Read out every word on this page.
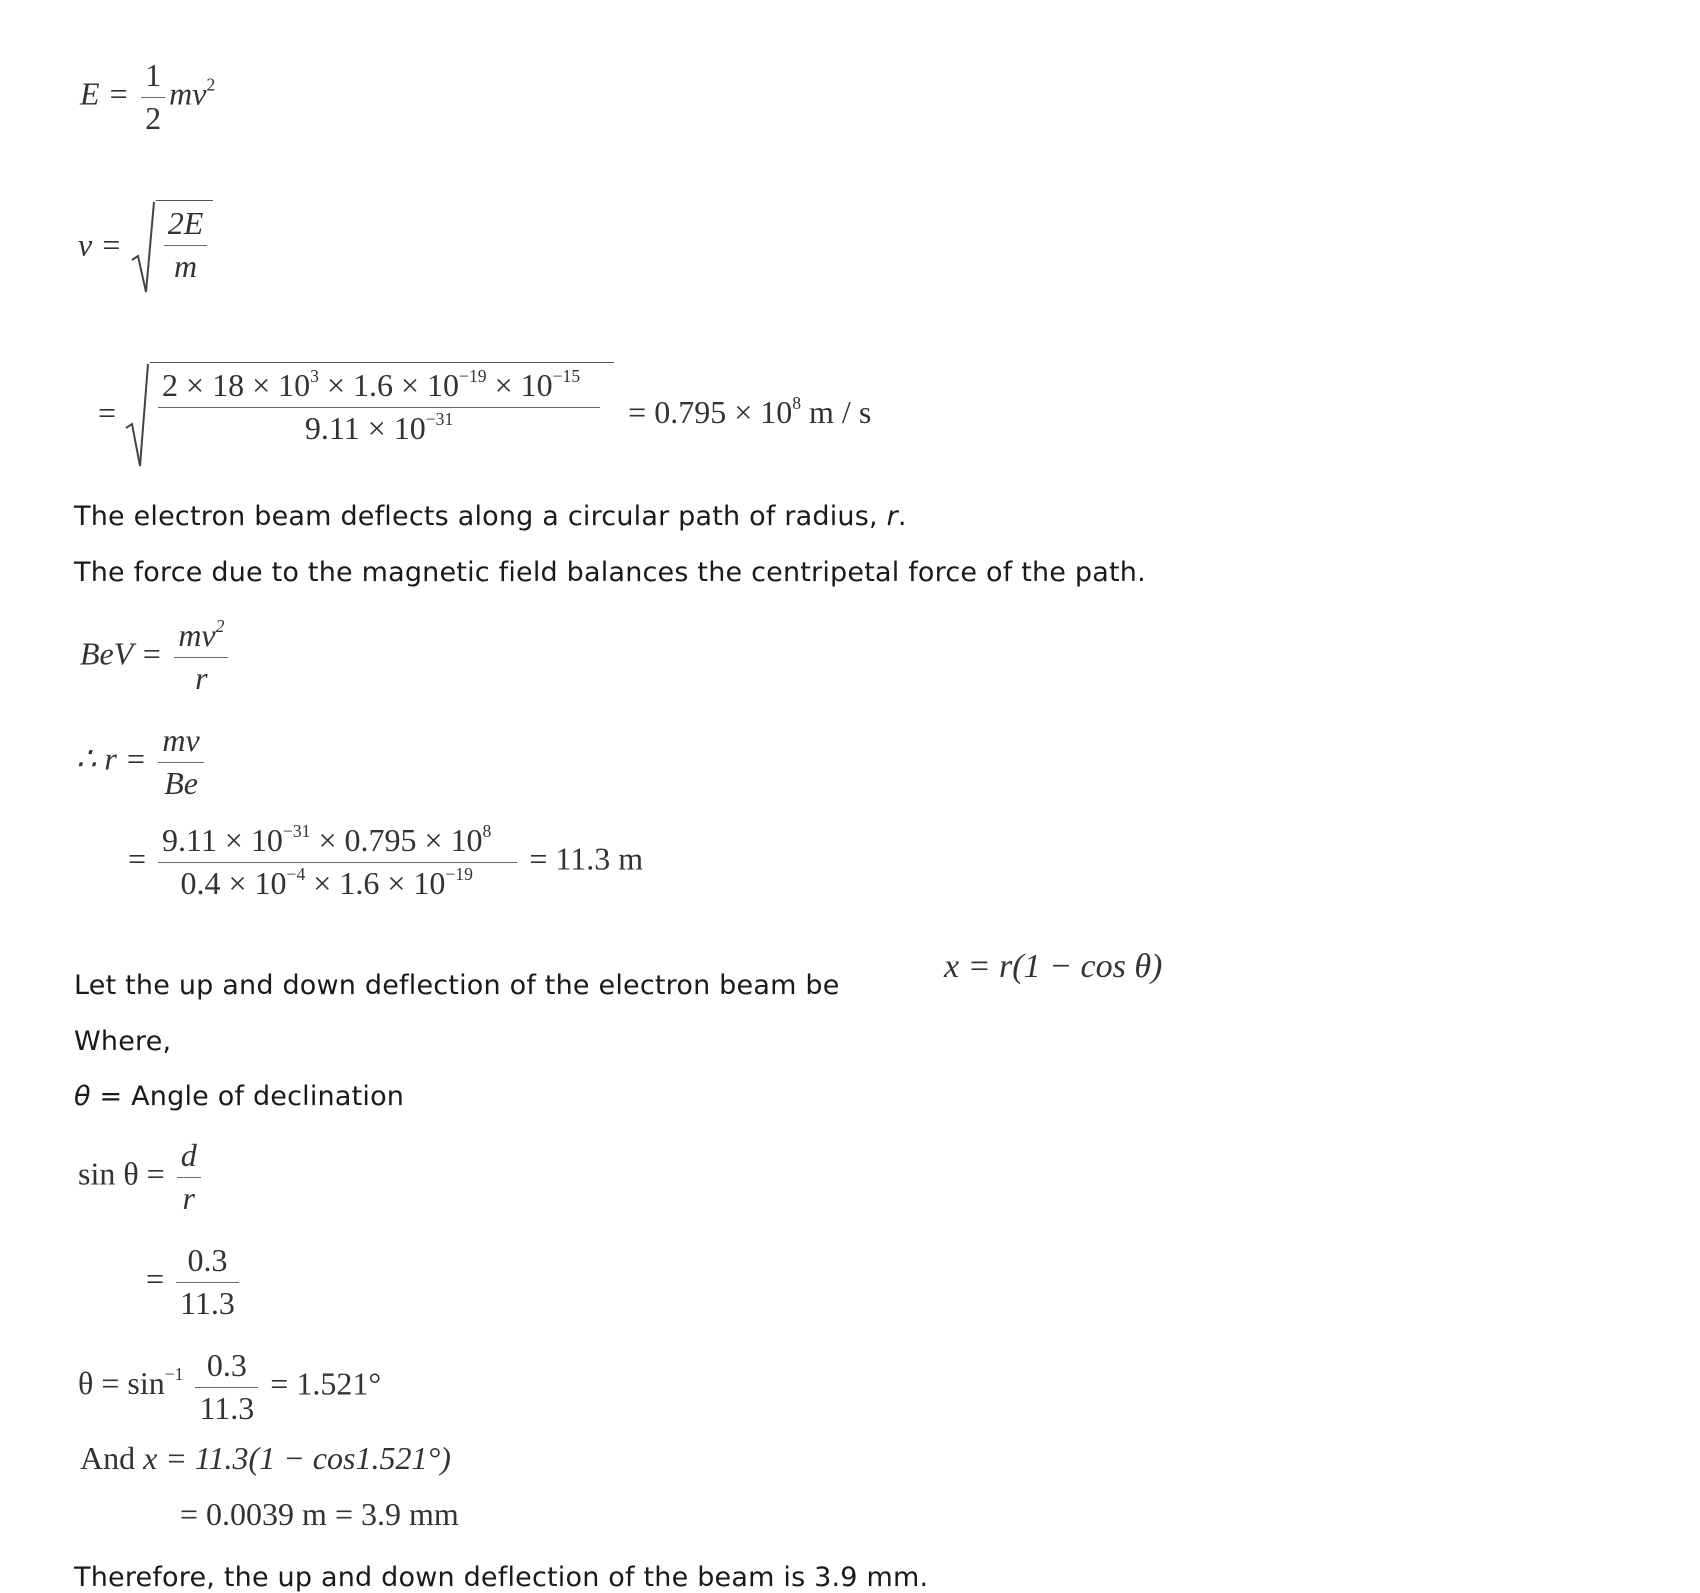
$E = \frac{1}{2} mv^2$
$v = \frac{2E}{m}$
= $\frac{2 \times 18 \times 10^3 \times 1.6 \times 10^{-19} \times 10^{-15}}{9.11 \times 10^{-31}} = 0.795 \times 10^8$ m / s
The electron beam deflects along a circular path of radius, r.
The force due to the magnetic field balances the centripetal force of the path.
BeV = $\frac{mv^2}{r}$
∴ $r = \frac{mv}{Be}$
= $\frac{9.11 \times 10^{-31} \times 0.795 \times 10^8}{0.4 \times 10^{-4} \times 1.6 \times 10^{-19}} = 11.3$ m
Let the up and down deflection of the electron beam be
x = r(1 − cos θ)
Where,
θ = Angle of declination
$\sin \theta = \frac{d}{r}$
= $\frac{0.3}{11.3}$
$\theta = \sin^{-1} \frac{0.3}{11.3} = 1.521^\circ$
And x = 11.3(1 − cos1.521°)
= 0.0039 m = 3.9 mm
Therefore, the up and down deflection of the beam is 3.9 mm.
